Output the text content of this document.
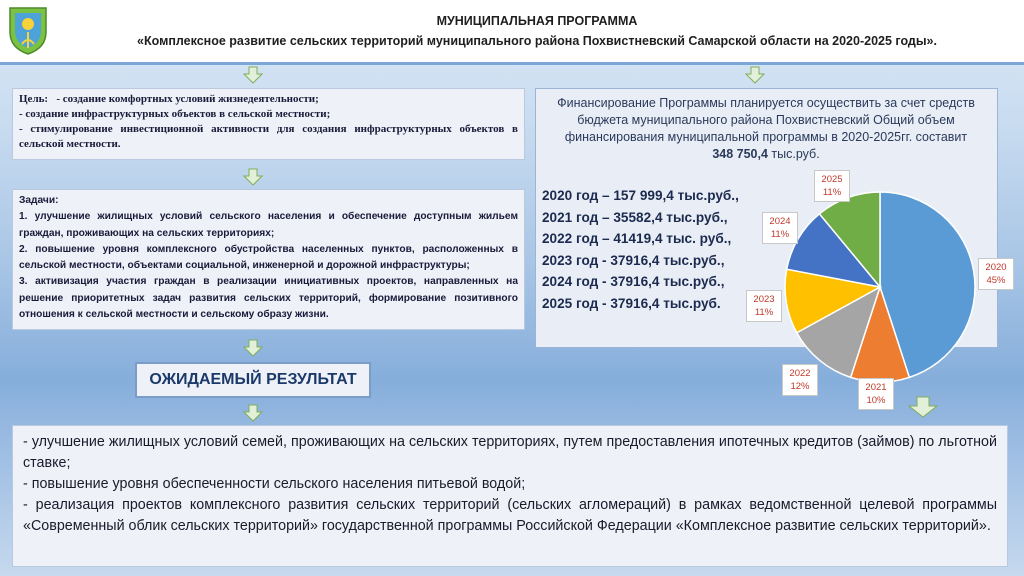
МУНИЦИПАЛЬНАЯ ПРОГРАММА
«Комплексное развитие сельских территорий муниципального района Похвистневский Самарской области на 2020-2025 годы».
Цель: - создание комфортных условий жизнедеятельности;
- создание инфраструктурных объектов в сельской местности;
- стимулирование инвестиционной активности для создания инфраструктурных объектов в сельской местности.
Задачи:
1. улучшение жилищных условий сельского населения и обеспечение доступным жильем граждан, проживающих на сельских территориях;
2. повышение уровня комплексного обустройства населенных пунктов, расположенных в сельской местности, объектами социальной, инженерной и дорожной инфраструктуры;
3. активизация участия граждан в реализации инициативных проектов, направленных на решение приоритетных задач развития сельских территорий, формирование позитивного отношения к сельской местности и сельскому образу жизни.
ОЖИДАЕМЫЙ РЕЗУЛЬТАТ
- улучшение жилищных условий семей, проживающих на сельских территориях, путем предоставления ипотечных кредитов (займов) по льготной ставке;
- повышение уровня обеспеченности сельского населения питьевой водой;
- реализация проектов комплексного развития сельских территорий (сельских агломераций) в рамках ведомственной целевой программы «Современный облик сельских территорий» государственной программы Российской Федерации «Комплексное развитие сельских территорий».
Финансирование Программы планируется осуществить за счет средств бюджета муниципального района Похвистневский Общий объем финансирования муниципальной программы в 2020-2025гг. составит 348 750,4 тыс.руб.
2020 год – 157 999,4 тыс.руб.,
2021 год – 35582,4 тыс.руб.,
2022 год – 41419,4 тыс. руб.,
2023 год - 37916,4 тыс.руб.,
2024 год - 37916,4 тыс.руб.,
2025 год - 37916,4 тыс.руб.
2020
45%
2021
10%
2022
12%
2023
11%
2024
11%
2025
11%
